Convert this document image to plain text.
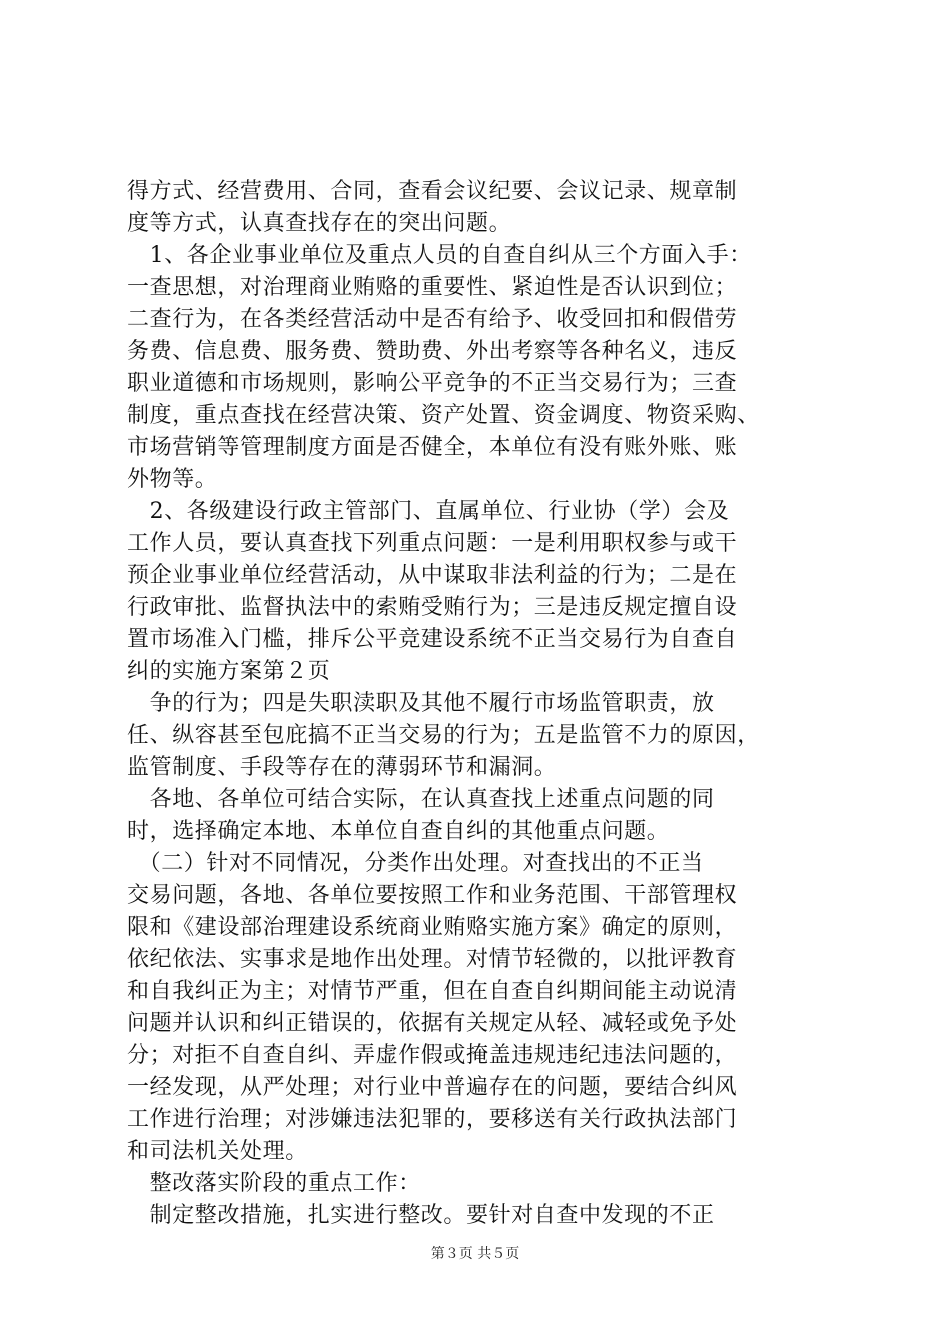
得方式、经营费用、合同，查看会议纪要、会议记录、规章制
度等方式，认真查找存在的突出问题。
　1、各企业事业单位及重点人员的自查自纠从三个方面入手：
一查思想，对治理商业贿赂的重要性、紧迫性是否认识到位；
二查行为，在各类经营活动中是否有给予、收受回扣和假借劳
务费、信息费、服务费、赞助费、外出考察等各种名义，违反
职业道德和市场规则，影响公平竞争的不正当交易行为；三查
制度，重点查找在经营决策、资产处置、资金调度、物资采购、
市场营销等管理制度方面是否健全，本单位有没有账外账、账
外物等。
　2、各级建设行政主管部门、直属单位、行业协（学）会及
工作人员，要认真查找下列重点问题：一是利用职权参与或干
预企业事业单位经营活动，从中谋取非法利益的行为；二是在
行政审批、监督执法中的索贿受贿行为；三是违反规定擅自设
置市场准入门槛，排斥公平竞建设系统不正当交易行为自查自
纠的实施方案第２页
　争的行为；四是失职渎职及其他不履行市场监管职责，放
任、纵容甚至包庇搞不正当交易的行为；五是监管不力的原因，
监管制度、手段等存在的薄弱环节和漏洞。
　各地、各单位可结合实际，在认真查找上述重点问题的同
时，选择确定本地、本单位自查自纠的其他重点问题。
　（二）针对不同情况，分类作出处理。对查找出的不正当
交易问题，各地、各单位要按照工作和业务范围、干部管理权
限和《建设部治理建设系统商业贿赂实施方案》确定的原则，
依纪依法、实事求是地作出处理。对情节轻微的，以批评教育
和自我纠正为主；对情节严重，但在自查自纠期间能主动说清
问题并认识和纠正错误的，依据有关规定从轻、减轻或免予处
分；对拒不自查自纠、弄虚作假或掩盖违规违纪违法问题的，
一经发现，从严处理；对行业中普遍存在的问题，要结合纠风
工作进行治理；对涉嫌违法犯罪的，要移送有关行政执法部门
和司法机关处理。
　整改落实阶段的重点工作：
　制定整改措施，扎实进行整改。要针对自查中发现的不正
第３页 共５页
